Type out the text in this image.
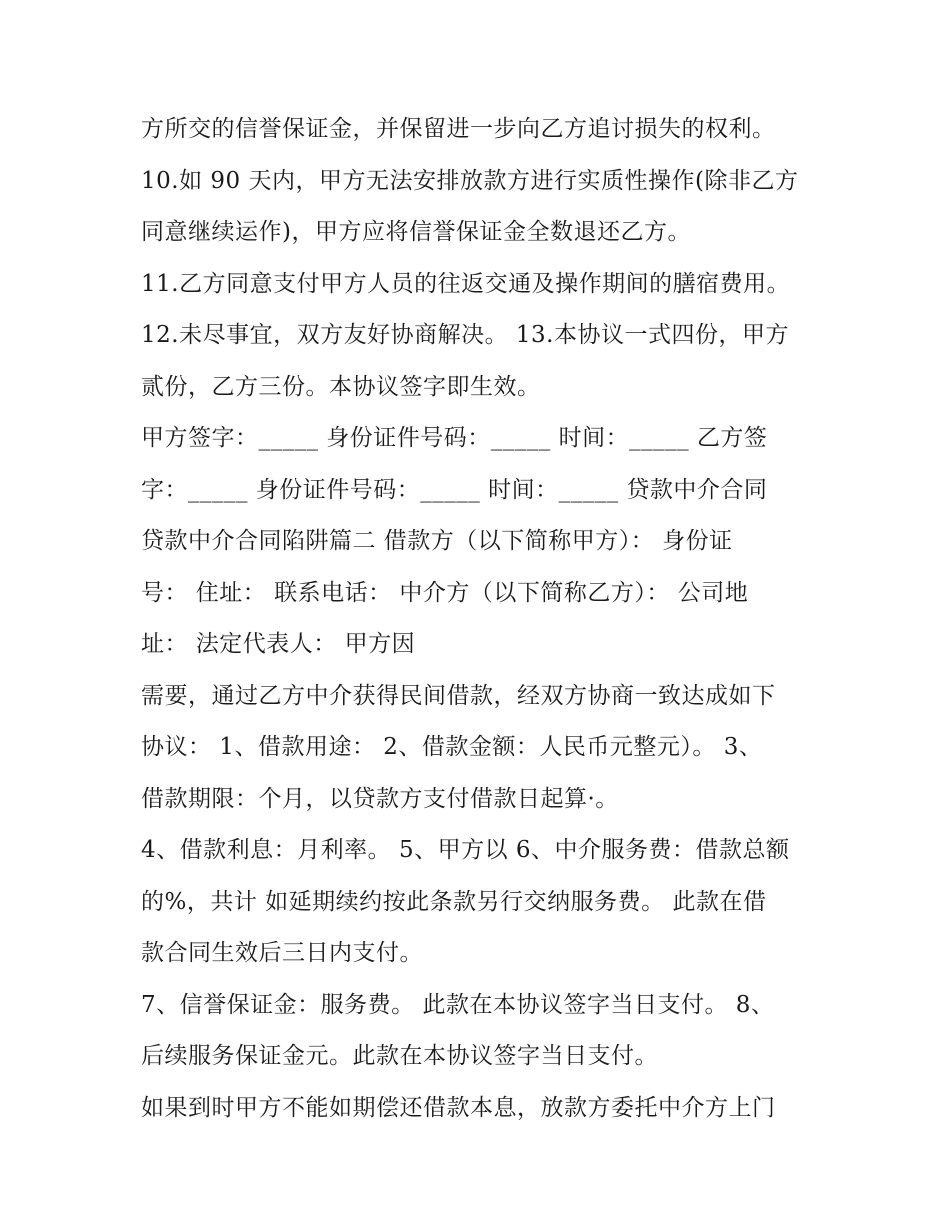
方所交的信誉保证金，并保留进一步向乙方追讨损失的权利。
10.如 90 天内，甲方无法安排放款方进行实质性操作(除非乙方
同意继续运作)，甲方应将信誉保证金全数退还乙方。
11.乙方同意支付甲方人员的往返交通及操作期间的膳宿费用。
12.未尽事宜，双方友好协商解决。 13.本协议一式四份，甲方
贰份，乙方三份。本协议签字即生效。
甲方签字：_____ 身份证件号码：_____ 时间：_____ 乙方签
字：_____ 身份证件号码：_____ 时间：_____ 贷款中介合同
贷款中介合同陷阱篇二 借款方（以下简称甲方）： 身份证
号： 住址： 联系电话： 中介方（以下简称乙方）： 公司地
址： 法定代表人： 甲方因
需要，通过乙方中介获得民间借款，经双方协商一致达成如下
协议： 1、借款用途： 2、借款金额：人民币元整元）。 3、
借款期限：个月，以贷款方支付借款日起算·。
4、借款利息：月利率。 5、甲方以 6、中介服务费：借款总额
的%，共计 如延期续约按此条款另行交纳服务费。 此款在借
款合同生效后三日内支付。
7、信誉保证金：服务费。 此款在本协议签字当日支付。 8、
后续服务保证金元。此款在本协议签字当日支付。
如果到时甲方不能如期偿还借款本息，放款方委托中介方上门
